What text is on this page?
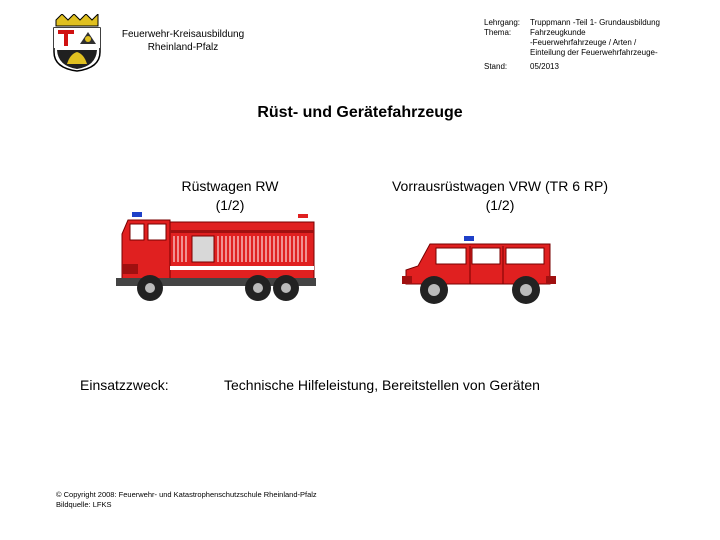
Feuerwehr-Kreisausbildung
Rheinland-Pfalz
Lehrgang:	Truppmann -Teil 1- Grundausbildung
Thema:	Fahrzeugkunde
-Feuerwehrfahrzeuge / Arten /
Einteilung der Feuerwehrfahrzeuge-
Stand:	05/2013
Rüst- und Gerätefahrzeuge
Rüstwagen RW
(1/2)
Vorrausrüstwagen VRW (TR 6 RP)
(1/2)
Einsatzzweck:	Technische Hilfeleistung, Bereitstellen von Geräten
© Copyright 2008: Feuerwehr- und Katastrophenschutzschule Rheinland-Pfalz
Bildquelle: LFKS
